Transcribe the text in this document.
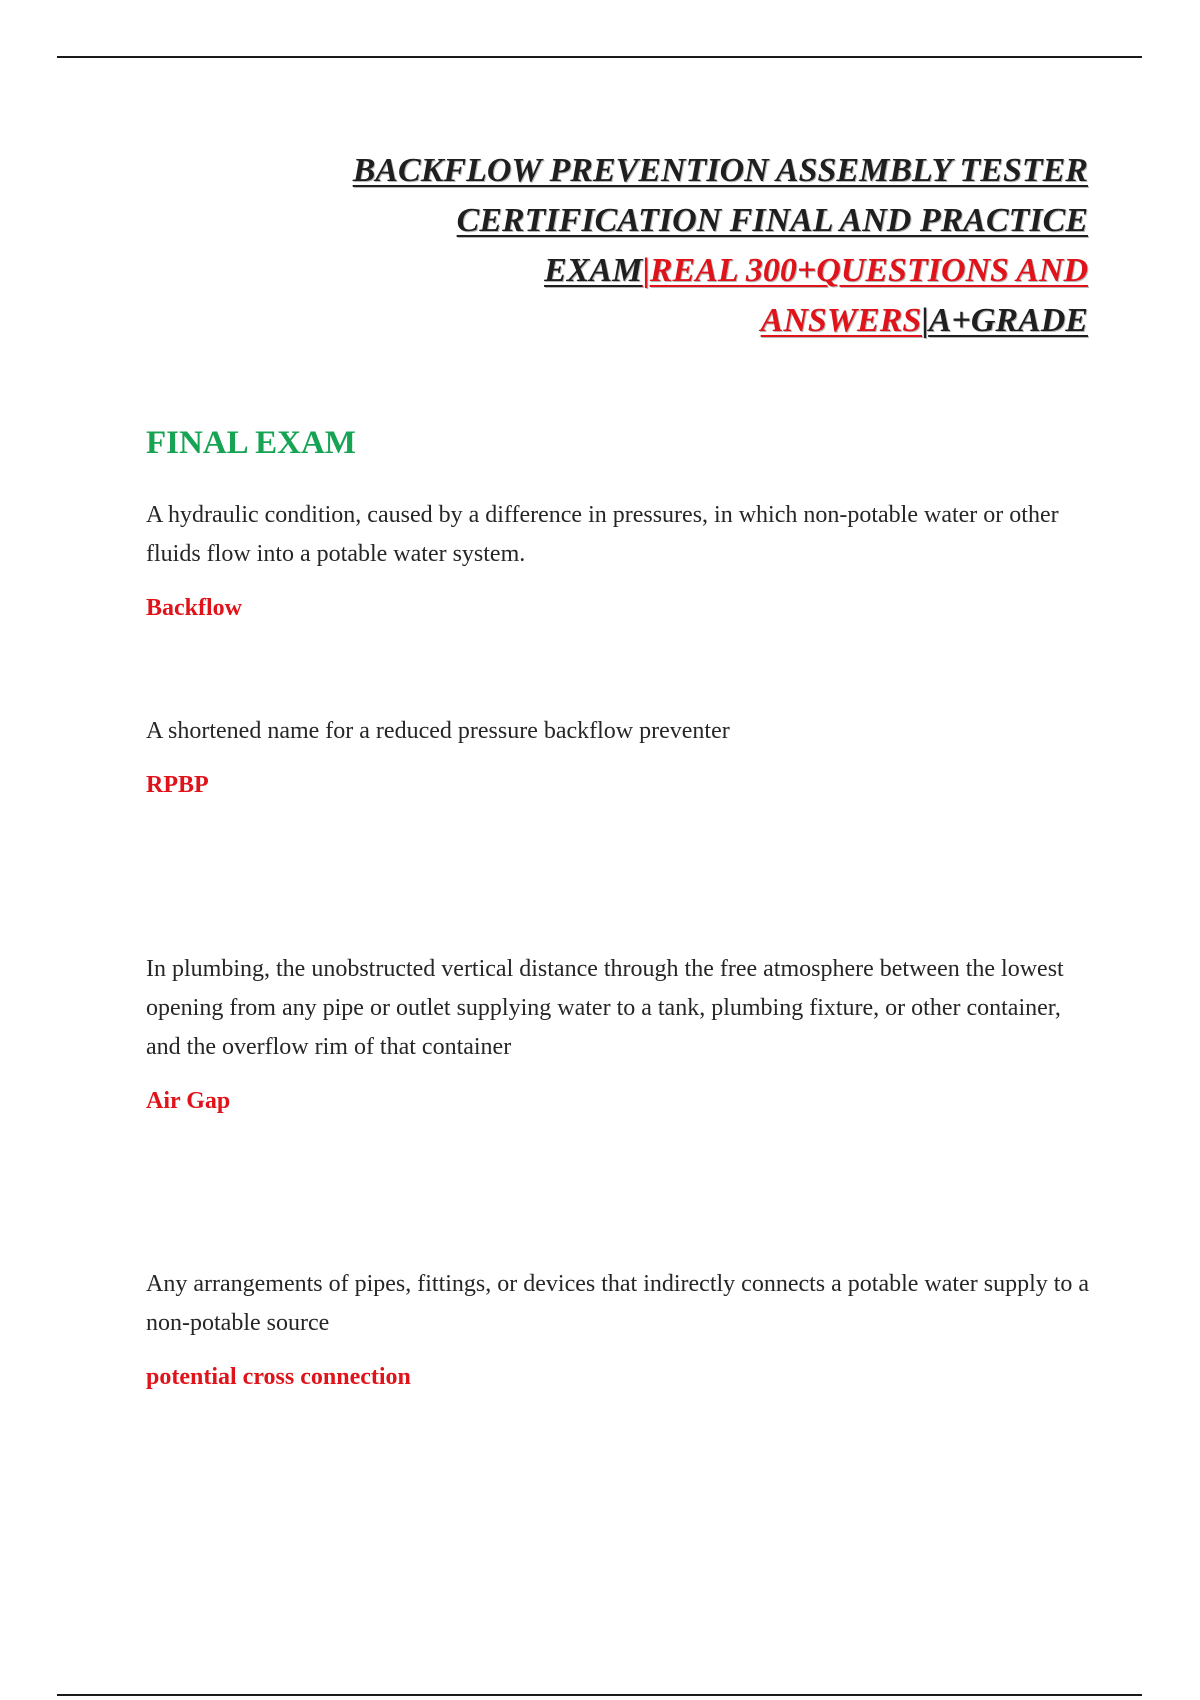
BACKFLOW PREVENTION ASSEMBLY TESTER
CERTIFICATION FINAL AND PRACTICE
EXAM|REAL 300+QUESTIONS AND
ANSWERS|A+GRADE
FINAL EXAM

A hydraulic condition, caused by a difference in pressures, in which non-potable water or other fluids flow into a potable water system.

Backflow

A shortened name for a reduced pressure backflow preventer

RPBP

In plumbing, the unobstructed vertical distance through the free atmosphere between the lowest opening from any pipe or outlet supplying water to a tank, plumbing fixture, or other container, and the overflow rim of that container

Air Gap

Any arrangements of pipes, fittings, or devices that indirectly connects a potable water supply to a non-potable source

potential cross connection
